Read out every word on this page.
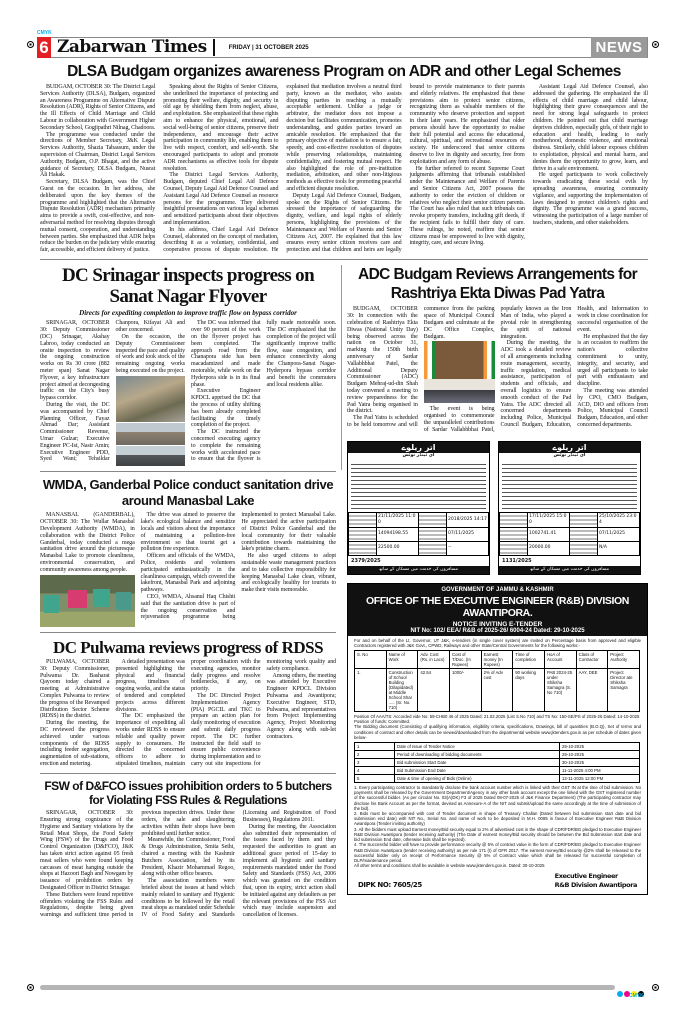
CMYK
6 Zabarwan Times	FRIDAY | 31 OCTOBER 2025	NEWS
DLSA Budgam organizes awareness Program on ADR and other Legal Schemes

BUDGAM, OCTOBER 30: The District Legal Services Authority (DLSA), Budgam, organized an Awareness Programme on Alternative Dispute Resolution (ADR), Rights of Senior Citizens, and the Ill Effects of Child Marriage and Child Labour in collaboration with Government Higher Secondary School, Gogjipathri Nilnag, Chadoora.

The programme was conducted under the directions of Member Secretary, J&K Legal Services Authority, Shazia Tabassum, under the supervision of Chairman, District Legal Services Authority, Budgam, O.P. Bhagat, and the active guidance of Secretary, DLSA Budgam, Nusrat Ali Hakak.

Secretary, DLSA Budgam, was the Chief Guest on the occasion. In her address, she deliberated upon the key themes of the programme and highlighted that the Alternative Dispute Resolution (ADR) mechanism primarily aims to provide a swift, cost-effective, and non-adversarial method for resolving disputes through mutual consent, cooperation, and understanding between parties. She emphasized that ADR helps reduce the burden on the judiciary while ensuring fair, accessible, and efficient delivery of justice.

Speaking about the Rights of Senior Citizens, she underlined the importance of protecting and promoting their welfare, dignity, and security in old age by shielding them from neglect, abuse, and exploitation. She emphasized that these rights aim to enhance the physical, emotional, and social well-being of senior citizens, preserve their independence, and encourage their active participation in community life, enabling them to live with respect, comfort, and self-worth. She encouraged participants to adopt and promote ADR mechanisms as effective tools for dispute resolution.

The District Legal Services Authority, Budgam, deputed Chief Legal Aid Defence Counsel, Deputy Legal Aid Defence Counsel and Assistant Legal Aid Defence Counsel as resource persons for the programme. They delivered insightful presentations on various legal schemes and sensitized participants about their objectives and implementation.

In his address, Chief Legal Aid Defence Counsel, elaborated on the concept of mediation, describing it as a voluntary, confidential, and cooperative process of dispute resolution. He explained that mediation involves a neutral third party, known as the mediator, who assists disputing parties in reaching a mutually acceptable settlement. Unlike a judge or arbitrator, the mediator does not impose a decision but facilitates communication, promotes understanding, and guides parties toward an amicable resolution. He emphasized that the primary objective of mediation is to ensure a fair, speedy, and cost-effective resolution of disputes while preserving relationships, maintaining confidentiality, and fostering mutual respect. He also highlighted the role of pre-institution mediation, arbitration, and other non-litigious methods as effective tools for promoting peaceful and efficient dispute resolution.

Deputy Legal Aid Defence Counsel, Budgam, spoke on the Rights of Senior Citizens. He stressed the importance of safeguarding the dignity, welfare, and legal rights of elderly persons, highlighting the provisions of the Maintenance and Welfare of Parents and Senior Citizens Act, 2007. He explained that this law ensures every senior citizen receives care and protection and that children and heirs are legally bound to provide maintenance to their parents and elderly relatives. He emphasized that these provisions aim to protect senior citizens, recognizing them as valuable members of the community who deserve protection and support in their later years. He emphasized that older persons should have the opportunity to realise their full potential and access the educational, cultural, spiritual, and recreational resources of society. He underscored that senior citizens deserve to live in dignity and security, free from exploitation and any form of abuse.

He further referred to recent Supreme Court judgments affirming that tribunals established under the Maintenance and Welfare of Parents and Senior Citizens Act, 2007 possess the authority to order the eviction of children or relatives who neglect their senior citizen parents. The Court has also ruled that such tribunals can revoke property transfers, including gift deeds, if the recipient fails to fulfill their duty of care. These rulings, he noted, reaffirm that senior citizens must be empowered to live with dignity, integrity, care, and secure living.

Assistant Legal Aid Defence Counsel, also addressed the gathering. He emphasized the ill effects of child marriage and child labour, highlighting their grave consequences and the need for strong legal safeguards to protect children. He pointed out that child marriage deprives children, especially girls, of their right to education and health, leading to early motherhood, domestic violence, and emotional distress. Similarly, child labour exposes children to exploitation, physical and mental harm, and denies them the opportunity to grow, learn, and thrive in a safe environment.

He urged participants to work collectively towards eradicating these social evils by spreading awareness, ensuring community vigilance, and supporting the implementation of laws designed to protect children's rights and dignity. The programme was a grand success, witnessing the participation of a large number of teachers, students, and other stakeholders.

DC Srinagar inspects progress on Sanat Nagar Flyover
Directs for expediting completion to improve traffic flow on bypass corridor

SRINAGAR, OCTOBER 30: Deputy Commissioner (DC) Srinagar, Akshay Labroo, today conducted an onsite inspection to review the ongoing construction works on Rs 30 crore (882 meter span) Sanat Nagar Flyover, a key infrastructure project aimed at decongesting traffic on the City's busy bypass corridor.

During the visit, the DC was accompanied by Chief Planning Officer, Fayaz Ahmad Dar; Assistant Commissioner Revenue, Umar Gulzar; Executive Engineer PC-Ist, Nasir Amin; Executive Engineer PDD, Syed Wani; Tehsildar Chanpora, Kifayat Ali and other concerned.

On the occasion, the Deputy Commissioner inspected the pace and quality of work and took stock of the remaining ongoing works being executed on the project.

The DC was informed that over 90 percent of the work on the flyover project has been completed. The approach road from the Chanapora side has been macadamized and made motorable, while work on the Hyderpora side is in its final phase.

Executive Engineer KPDCL apprised the DC that the process of utility shifting has been already completed facilitating the timely completion of the project.

The DC instructed the concerned executing agency to complete the remaining works with accelerated pace to ensure that the flyover is fully made motorable soon. The DC emphasized that the completion of the project will significantly improve traffic flow, ease congestion, and enhance connectivity along the Chanpora-Sanat Nagar-Hyderpora bypass corridor and benefit the commuters and local residents alike.

WMDA, Ganderbal Police conduct sanitation drive around Manasbal Lake

MANASBAL (GANDERBAL), OCTOBER 30: The Wullar Manasbal Development Authority (WMDA), in collaboration with the District Police Ganderbal, today conducted a mega sanitation drive around the picturesque Manasbal Lake to promote cleanliness, environmental conservation, and community awareness among people.

The drive was aimed to preserve the lake's ecological balance and sensitize locals and visitors about the importance of maintaining a pollution-free environment so that tourist get a pollution free experience.

Officers and officials of the WMDA, Police, residents and volunteers participated enthusiastically in the cleanliness campaign, which covered the lakefront, Manasbal Park and adjoining pathways.

CEO, WMDA, Ahsanul Haq Chishti said that the sanitation drive is part of the ongoing conservation and rejuvenation programme being implemented to protect Manasbal Lake. He appreciated the active participation of District Police Ganderbal and the local community for their valuable contribution towards maintaining the lake's pristine charm.

He also urged citizens to adopt sustainable waste management practices and to take collective responsibility for keeping Manasbal Lake clean, vibrant, and ecologically healthy for tourists to make their visits memorable.

DC Pulwama reviews progress of RDSS

PULWAMA, OCTOBER 30: Deputy Commissioner, Pulwama Dr. Basharat Qayoom today chaired a meeting at Administrative Complex Pulwama to review the progress of the Revamped Distribution Sector Scheme (RDSS) in the district.

During the meeting, the DC reviewed the progress achieved under various components of the RDSS including feeder segregation, augmentation of sub-stations, erection and metering.

A detailed presentation was presented highlighting the physical and financial progress, timelines of ongoing works, and the status of tendered and completed projects across different divisions.

The DC emphasized the importance of expediting all works under RDSS to ensure reliable and quality power supply to consumers. He directed the concerned officers to adhere to stipulated timelines, maintain proper coordination with the executing agencies, monitor daily progress and resolve bottlenecks, if any, on priority.

The DC Directed Project Implementation Agency (PIA) PGCIL and TKC to prepare an action plan for daily monitoring of execution and submit daily progress report. The DC further instructed the field staff to ensure public convenience during implementation and to carry out site inspections for monitoring work quality and safety compliance.

Among others, the meeting was attended by Executive Engineer KPDCL Division Pulwama and Awantipora; Executive Engineer, STD, Pulwama, and representatives from Project Implementing Agency, Project Monitoring Agency along with sub-let contractors.

FSW of D&FCO issues prohibition orders to 5 butchers for Violating FSS Rules & Regulations

SRINAGAR, OCTOBER 30: Ensuring strong cognizance of the Hygiene and Sanitary violations by the Retail Meat Shops, the Food Safety Wing (FSW) of the Drugs and Food Control Organization (D&FCO), J&K has taken strict action against 05 fresh meat sellers who were found keeping carcasses of meat hanging outside the shops at Hazoori Bagh and Nowgam by issuance of prohibition orders by Designated Officer in District Srinagar.

These Butchers were found repetitive offenders violating the FSS Rules and Regulations, despite being given warnings and sufficient time period in previous inspection drives. Under these orders, the sale and slaughtering activities within their shops have been prohibited until further notice.

Meanwhile, the Commissioner, Food & Drugs Administration, Smita Sethi, chaired a meeting with the Kashmir Butchers Association, led by its President, Khazir Mohammad Regoo, along with other office bearers.

The association members were briefed about the issues at hand which mainly related to sanitary and Hygienic conditions to be followed by the retail meat shops as mandated under Schedule IV of Food Safety and Standards (Licensing and Registration of Food Businesses), Regulations 2011.

During the meeting, the Association also submitted their representation of the issues faced by them and they requested the authorities to grant an additional grace period of 15-day to implement all hygienic and sanitary requirements mandated under the Food Safety and Standards (FSS) Act, 2006 which was granted on the condition that, upon its expiry, strict action shall be initiated against any defaulters as per the relevant provisions of the FSS Act which may include suspension and cancellation of licenses.

ADC Budgam Reviews Arrangements for Rashtriya Ekta Diwas Pad Yatra

BUDGAM, OCTOBER 30: In connection with the celebration of Rashtriya Ekta Diwas (National Unity Day) being observed across the nation on October 31, marking the 150th birth anniversary of Sardar Vallabhbhai Patel, the Additional Deputy Commissioner (ADC) Budgam Mehraj-ud-din Shah today convened a meeting to review preparedness for the Pad Yatra being organised in the district.

The Pad Yatra is scheduled to be held tomorrow and will commence from the parking space of Municipal Council Budgam and culminate at the DC Office Complex, Budgam.

The event is being organised to commemorate the unparalleled contributions of Sardar Vallabhbhai Patel, popularly known as the Iron Man of India, who played a pivotal role in strengthening the spirit of national integration.

During the meeting, the ADC took a detailed review of all arrangements including route management, security, traffic regulation, medical assistance, participation of students and officials, and overall logistics to ensure smooth conduct of the Pad Yatra. The ADC directed all concerned departments including Police, Municipal Council Budgam, Education, Health, and Information to work in close coordination for successful organisation of the event.

He emphasized that the day is an occasion to reaffirm the nation's collective commitment to unity, integrity, and security, and urged all participants to take part with enthusiasm and discipline.

The meeting was attended by CPO, CMO Budgam, ACD, DIO and officers from Police, Municipal Council Budgam, Education, and other concerned departments.

اتر ریلوے
ای ٹینڈر نوٹس
2018/2025 14:17		21/11/2025 11:00	
07/11/2025		14094198.55	
--		22500.00	
2379/2025
مسافروں کی خدمت میں مسکان کے ساتھ
اتر ریلوے
ای ٹینڈر نوٹس
25/10/2025 23:04		17/11/2025 15:00	
07/11/2025		1002741.41	
N/A		20000.00	
1131/2025
مسافروں کی خدمت میں مسکان کے ساتھ
GOVERNMENT OF JAMMU & KASHMIR
OFFICE OF THE EXECUTIVE ENGINEER (R&B) DIVISION AWANTIPORA.
NOTICE INVITING E-TENDER
NIT No: 102/ EEA/ R&B of 2025-26/ 6004-24 Dated: 29-10-2025
For and on behalf of the Lt. Governor, UT J&K, e-tenders (in single cover system) are invited on Percentage basis from approved and eligible Contractors registered with J&K Govt., CPWD, Railways and other State/Central Governments for the following works:-
S. No	Name of Work	Adv. Cost (Rs. in Lacs)	Cost of T/Doc. (In Rupees)	Earnest money (In Rupees)	Time of completion	HoA of Account	Class of Contractor	Project Authority
1.	Construction of School Building (Dilapidated) at Middle School Shar ..... (Sr. No. 710)	42.54	1000/-	2% of Adv cost	90 working days	PAB 2024-25 under Shiksha Samagra (S. No 710)	AAY, DEE	Project Director ate Shiksha Samagra
Position Of AAA/TS: Accorded vide No: 59-CHB0 46 of 2025 Dated: 21.02.2025 (List S.No 710) and TS No: 150-SE/PS of 2025-26 Dated: 14-10-2025
Position of funds: Committed.
The Bidding document (Consisting of qualifying information, eligibility criteria, specifications, Drawings, bill of quantities (B.O.Q), Set of terms and conditions of contract and other details can be viewed/downloaded from the departmental website www.jktenders.gov.in as per schedule of dates given below-
1	Date of Issue of Tender Notice	29-10-2025
2	Period of downloading of bidding documents	29-10-2025
3	Bid submission Start Date	30-10-2025
4	Bid Submission End Date	11-11-2025 4:00 PM
5	Date & time of opening of Bids (Online)	12-11-2025 12:00 PM
1. Every participating contractor to mandatorily disclose the bank account number which is linked with their GST IN at the time of bid submission. No payments shall be released by the Government Department/Agency in any other bank account except the one linked with the GST registered number of the successful bidder. (As per circular No. 03(A)DK) F3 of 2025 Dated 08-07-2025 of J&K Finance Department) (The participating contractor may disclose his Bank Account as per the format, devised as Annexure-A of the NIT and submit/upload the same accordingly at the time of submission of the bid).
2. Bids must be accompanied with cost of Tender document in shape of Treasury Challan (Dated between bid submission start date and bid submission end date) with NIT No., Serial No. and name of work to be deposited in M.H. 0085 in favour of Executive Engineer R&B Division Awantipora (Tender inviting authority)
3. All the bidders must upload Earnest money/Bid security equal to 2% of advertised cost in the shape of CDR/FDR/BG pledged to Executive Engineer R&B Division Awantipora (tender receiving authority) (The Date of earnest money/Bid security should be between the Bid Submission start date and bid submission End date, otherwise bids shall be rejected).
4. The Successful bidder will have to provide performance security @ 5% of contract value in the form of CDR/FDR/BG pledged to Executive Engineer R&B Division Awantipora (tender receiving authority) as per rule 171 (I) of GFR 2017. The earnest money/Bid security @2% shall be released to the successful bidder only on receipt of Performance Security @ 5% of Contract value which shall be released for successful completion of DLP/maintenance period.
All other terms and conditions shall be available in website www.jktenders.gov.in. Dated: 30-10-2025
DIPK NO: 7605/25
Executive Engineer
R&B Division Awantipora
CMYK
